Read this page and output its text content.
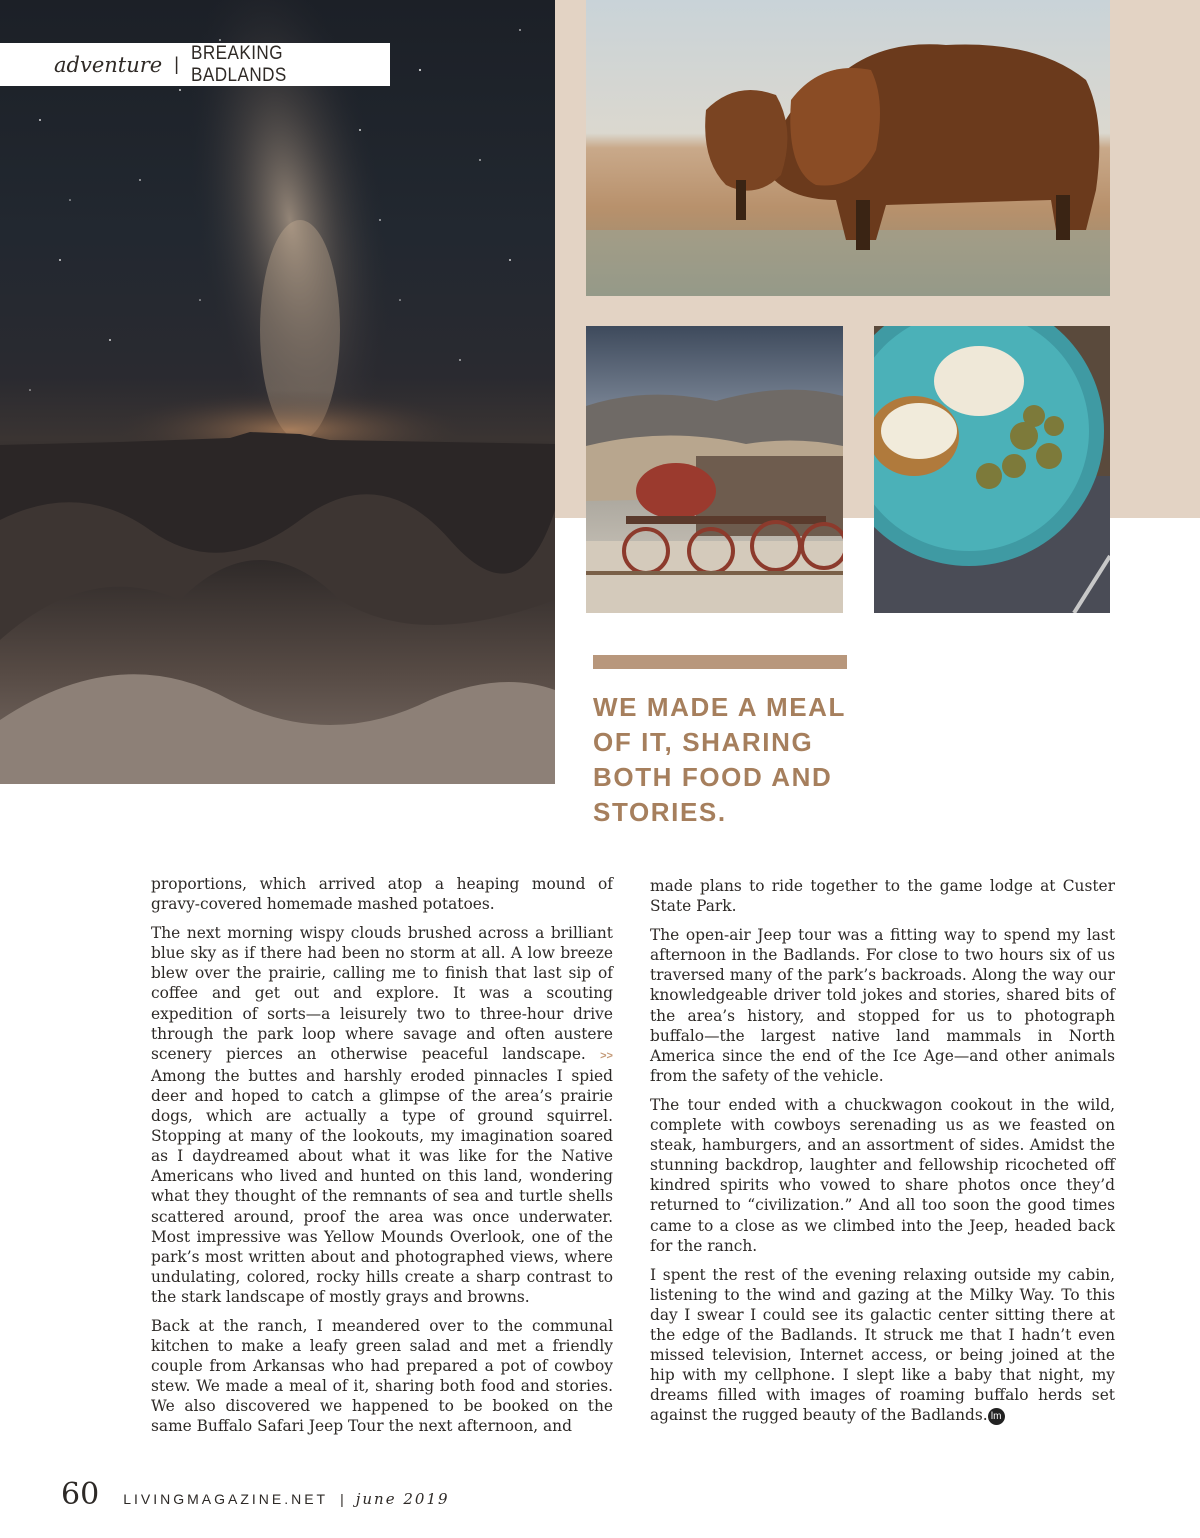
adventure |
BREAKING BADLANDS
WE MADE A MEAL OF IT, SHARING BOTH FOOD AND STORIES.

proportions, which arrived atop a heaping mound of gravy-covered homemade mashed potatoes.

The next morning wispy clouds brushed across a brilliant blue sky as if there had been no storm at all. A low breeze blew over the prairie, calling me to finish that last sip of coffee and get out and explore. It was a scouting expedition of sorts—a leisurely two to three-hour drive through the park loop where savage and often austere scenery pierces an otherwise peaceful landscape. >> Among the buttes and harshly eroded pinnacles I spied deer and hoped to catch a glimpse of the area’s prairie dogs, which are actually a type of ground squirrel. Stopping at many of the lookouts, my imagination soared as I daydreamed about what it was like for the Native Americans who lived and hunted on this land, wondering what they thought of the remnants of sea and turtle shells scattered around, proof the area was once underwater. Most impressive was Yellow Mounds Overlook, one of the park’s most written about and photographed views, where undulating, colored, rocky hills create a sharp contrast to the stark landscape of mostly grays and browns.

Back at the ranch, I meandered over to the communal kitchen to make a leafy green salad and met a friendly couple from Arkansas who had prepared a pot of cowboy stew. We made a meal of it, sharing both food and stories. We also discovered we happened to be booked on the same Buffalo Safari Jeep Tour the next afternoon, and

made plans to ride together to the game lodge at Custer State Park.

The open-air Jeep tour was a fitting way to spend my last afternoon in the Badlands. For close to two hours six of us traversed many of the park’s backroads. Along the way our knowledgeable driver told jokes and stories, shared bits of the area’s history, and stopped for us to photograph buffalo—the largest native land mammals in North America since the end of the Ice Age—and other animals from the safety of the vehicle.

The tour ended with a chuckwagon cookout in the wild, complete with cowboys serenading us as we feasted on steak, hamburgers, and an assortment of sides. Amidst the stunning backdrop, laughter and fellowship ricocheted off kindred spirits who vowed to share photos once they’d returned to “civilization.” And all too soon the good times came to a close as we climbed into the Jeep, headed back for the ranch.

I spent the rest of the evening relaxing outside my cabin, listening to the wind and gazing at the Milky Way. To this day I swear I could see its galactic center sitting there at the edge of the Badlands. It struck me that I hadn’t even missed television, Internet access, or being joined at the hip with my cellphone. I slept like a baby that night, my dreams filled with images of roaming buffalo herds set against the rugged beauty of the Badlands. lm

60 LIVINGMAGAZINE.NET | june 2019
